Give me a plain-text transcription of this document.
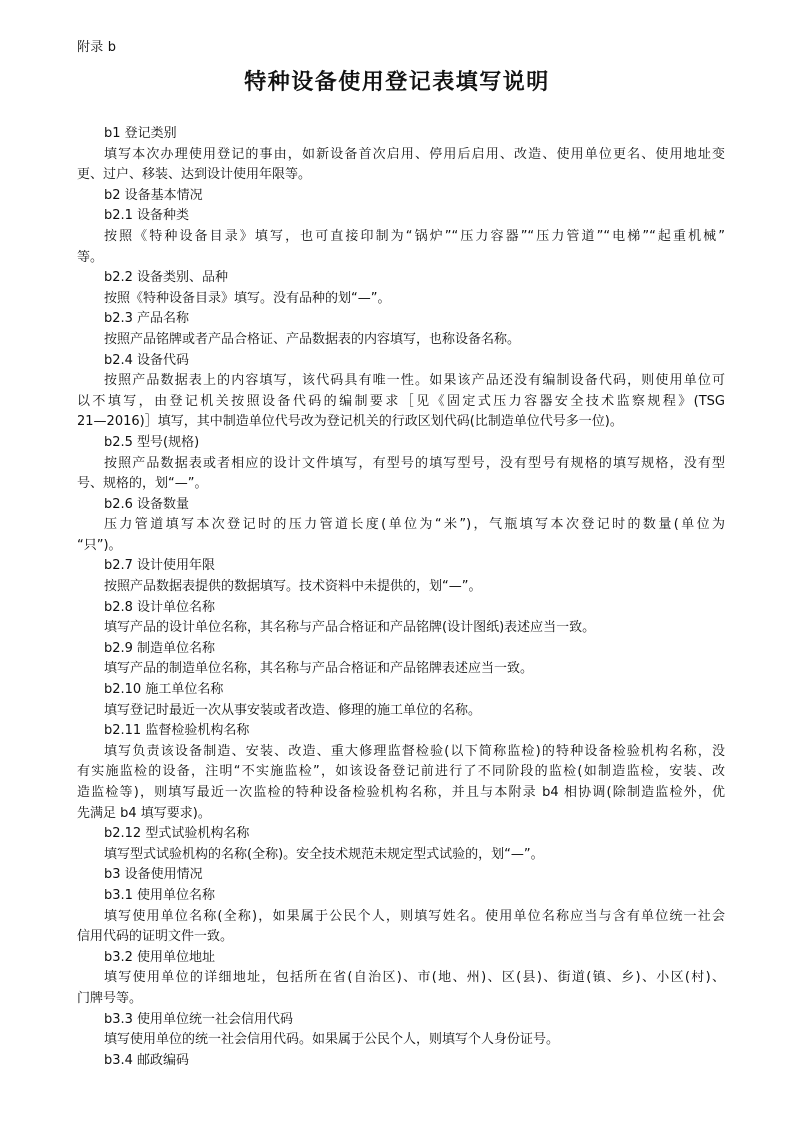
附录 b
特种设备使用登记表填写说明
b1 登记类别
填写本次办理使用登记的事由，如新设备首次启用、停用后启用、改造、使用单位更名、使用地址变
更、过户、移装、达到设计使用年限等。
b2 设备基本情况
b2.1 设备种类
按照《特种设备目录》填写，也可直接印制为“锅炉”“压力容器”“压力管道”“电梯”“起重机械”
等。
b2.2 设备类别、品种
按照《特种设备目录》填写。没有品种的划“—”。
b2.3 产品名称
按照产品铭牌或者产品合格证、产品数据表的内容填写，也称设备名称。
b2.4 设备代码
按照产品数据表上的内容填写，该代码具有唯一性。如果该产品还没有编制设备代码，则使用单位可
以不填写，由登记机关按照设备代码的编制要求［见《固定式压力容器安全技术监察规程》(TSG
21—2016)］填写，其中制造单位代号改为登记机关的行政区划代码(比制造单位代号多一位)。
b2.5 型号(规格)
按照产品数据表或者相应的设计文件填写，有型号的填写型号，没有型号有规格的填写规格，没有型
号、规格的，划“—”。
b2.6 设备数量
压力管道填写本次登记时的压力管道长度(单位为“米”)，气瓶填写本次登记时的数量(单位为
“只”)。
b2.7 设计使用年限
按照产品数据表提供的数据填写。技术资料中未提供的，划“—”。
b2.8 设计单位名称
填写产品的设计单位名称，其名称与产品合格证和产品铭牌(设计图纸)表述应当一致。
b2.9 制造单位名称
填写产品的制造单位名称，其名称与产品合格证和产品铭牌表述应当一致。
b2.10 施工单位名称
填写登记时最近一次从事安装或者改造、修理的施工单位的名称。
b2.11 监督检验机构名称
填写负责该设备制造、安装、改造、重大修理监督检验(以下简称监检)的特种设备检验机构名称，没
有实施监检的设备，注明“不实施监检”，如该设备登记前进行了不同阶段的监检(如制造监检，安装、改
造监检等)，则填写最近一次监检的特种设备检验机构名称，并且与本附录 b4 相协调(除制造监检外，优
先满足 b4 填写要求)。
b2.12 型式试验机构名称
填写型式试验机构的名称(全称)。安全技术规范未规定型式试验的，划“—”。
b3 设备使用情况
b3.1 使用单位名称
填写使用单位名称(全称)，如果属于公民个人，则填写姓名。使用单位名称应当与含有单位统一社会
信用代码的证明文件一致。
b3.2 使用单位地址
填写使用单位的详细地址，包括所在省(自治区)、市(地、州)、区(县)、街道(镇、乡)、小区(村)、
门牌号等。
b3.3 使用单位统一社会信用代码
填写使用单位的统一社会信用代码。如果属于公民个人，则填写个人身份证号。
b3.4 邮政编码
